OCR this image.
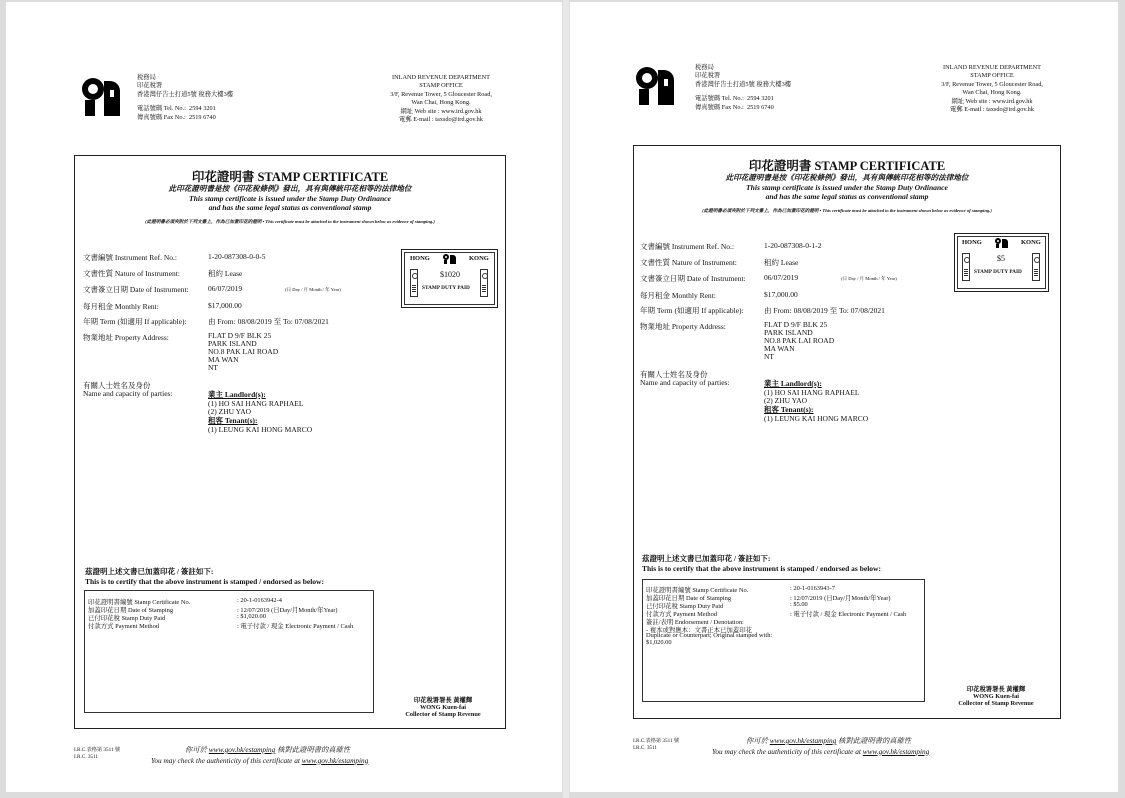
税務局
印花稅署
香港灣仔告士打道5號 稅務大樓3樓
電話號碼 Tel. No.: 2594 3201
傳真號碼 Fax No.: 2519 6740
INLAND REVENUE DEPARTMENT
STAMP OFFICE
3/F, Revenue Tower, 5 Gloucester Road,
Wan Chai, Hong Kong.
網址 Web site : www.ird.gov.hk
電郵 E-mail : taxsdo@ird.gov.hk
印花證明書 STAMP CERTIFICATE
此印花證明書是按《印花稅條例》發出，具有與傳統印花相等的法律地位
This stamp certificate is issued under the Stamp Duty Ordinance
and has the same legal status as conventional stamp
(此證明書必須夾附於下列文書上，作為已加蓋印花的證明 • This certificate must be attached to the instrument shown below as evidence of stamping.)
文書編號 Instrument Ref. No.:	1-20-087308-0-0-5
文書性質 Nature of Instrument:	租約 Lease
文書簽立日期 Date of Instrument:	06/07/2019	(日 Day / 月 Month / 年 Year)
每月租金 Monthly Rent:	$17,000.00
年期 Term (如適用 If applicable):	由 From: 08/08/2019 至 To: 07/08/2021
物業地址 Property Address:	FLAT D 9/F BLK 25
PARK ISLAND
NO.8 PAK LAI ROAD
MA WAN
NT
有關人士姓名及身份
Name and capacity of parties:	業主 Landlord(s):
(1) HO SAI HANG RAPHAEL
(2) ZHU YAO
租客 Tenant(s):
(1) LEUNG KAI HONG MARCO
HONG	KONG
$1020
STAMP DUTY PAID
茲證明上述文書已加蓋印花 / 簽註如下:
This is to certify that the above instrument is stamped / endorsed as below:
印花證明書編號 Stamp Certificate No.	: 20-1-0163942-4
加蓋印花日期 Date of Stamping	: 12/07/2019 (日Day/月Month/年Year)
已付印花稅 Stamp Duty Paid	: $1,020.00
付款方式 Payment Method	: 電子付款 / 現金 Electronic Payment / Cash
印花稅署署長 黃權輝
WONG Kuen-fai
Collector of Stamp Revenue
I.R.C.表格第 3511 號
I.R.C. 3511
你可於 www.gov.hk/estamping 核對此證明書的真確性
You may check the authenticity of this certificate at www.gov.hk/estamping
税務局
印花稅署
香港灣仔告士打道5號 稅務大樓3樓
電話號碼 Tel. No.: 2594 3201
傳真號碼 Fax No.: 2519 6740
INLAND REVENUE DEPARTMENT
STAMP OFFICE
3/F, Revenue Tower, 5 Gloucester Road,
Wan Chai, Hong Kong.
網址 Web site : www.ird.gov.hk
電郵 E-mail : taxsdo@ird.gov.hk
印花證明書 STAMP CERTIFICATE
此印花證明書是按《印花稅條例》發出，具有與傳統印花相等的法律地位
This stamp certificate is issued under the Stamp Duty Ordinance
and has the same legal status as conventional stamp
(此證明書必須夾附於下列文書上，作為已加蓋印花的證明 • This certificate must be attached to the instrument shown below as evidence of stamping.)
文書編號 Instrument Ref. No.:	1-20-087308-0-1-2
文書性質 Nature of Instrument:	租約 Lease
文書簽立日期 Date of Instrument: 06/07/2019	(日 Day / 月 Month / 年 Year)
每月租金 Monthly Rent:	$17,000.00
年期 Term (如適用 If applicable):	由 From: 08/08/2019 至 To: 07/08/2021
物業地址 Property Address:	FLAT D 9/F BLK 25
PARK ISLAND
NO.8 PAK LAI ROAD
MA WAN
NT
有關人士姓名及身份
Name and capacity of parties:	業主 Landlord(s):
(1) HO SAI HANG RAPHAEL
(2) ZHU YAO
租客 Tenant(s):
(1) LEUNG KAI HONG MARCO
HONG	KONG
$5
STAMP DUTY PAID
茲證明上述文書已加蓋印花 / 簽註如下:
This is to certify that the above instrument is stamped / endorsed as below:
印花證明書編號 Stamp Certificate No.	: 20-1-0163943-7
加蓋印花日期 Date of Stamping	: 12/07/2019 (日Day/月Month/年Year)
已付印花稅 Stamp Duty Paid	: $5.00
付款方式 Payment Method	: 電子付款 / 現金 Electronic Payment / Cash
簽註/表明 Endorsement / Denotation:
- 複本或對應本：文書正本已加蓋印花
Duplicate or Counterpart; Original stamped with:
$1,020.00
印花稅署署長 黃權輝
WONG Kuen-fai
Collector of Stamp Revenue
I.R.C.表格第 3511 號
I.R.C. 3511
你可於 www.gov.hk/estamping 核對此證明書的真確性
You may check the authenticity of this certificate at www.gov.hk/estamping
